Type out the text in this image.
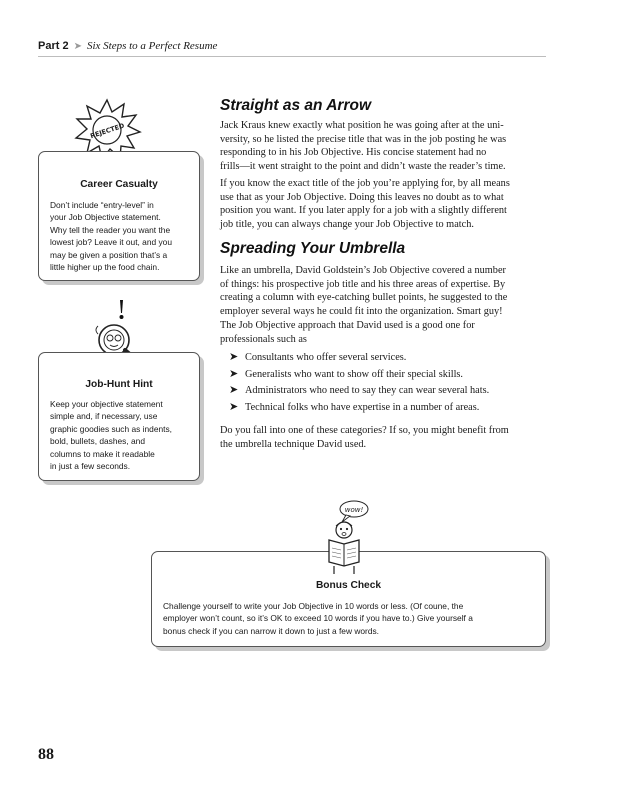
Part 2 ➤ Six Steps to a Perfect Resume
Straight as an Arrow
Jack Kraus knew exactly what position he was going after at the uni-
versity, so he listed the precise title that was in the job posting he was
responding to in his Job Objective. His concise statement had no
frills—it went straight to the point and didn’t waste the reader’s time.
If you know the exact title of the job you’re applying for, by all means
use that as your Job Objective. Doing this leaves no doubt as to what
position you want. If you later apply for a job with a slightly different
job title, you can always change your Job Objective to match.
Spreading Your Umbrella
Like an umbrella, David Goldstein’s Job Objective covered a number
of things: his prospective job title and his three areas of expertise. By
creating a column with eye-catching bullet points, he suggested to the
employer several ways he could fit into the organization. Smart guy!
The Job Objective approach that David used is a good one for
professionals such as
➤ Consultants who offer several services.
➤ Generalists who want to show off their special skills.
➤ Administrators who need to say they can wear several hats.
➤ Technical folks who have expertise in a number of areas.
Do you fall into one of these categories? If so, you might benefit from
the umbrella technique David used.
REJECTED
Career Casualty
Don’t include “entry-level” in
your Job Objective statement.
Why tell the reader you want the
lowest job? Leave it out, and you
may be given a position that’s a
little higher up the food chain.
Job-Hunt Hint
Keep your objective statement
simple and, if necessary, use
graphic goodies such as indents,
bold, bullets, dashes, and
columns to make it readable
in just a few seconds.
Bonus Check
Challenge yourself to write your Job Objective in 10 words or less. (Of coune, the
employer won’t count, so it’s OK to exceed 10 words if you have to.) Give yourself a
bonus check if you can narrow it down to just a few words.
wow!
88
